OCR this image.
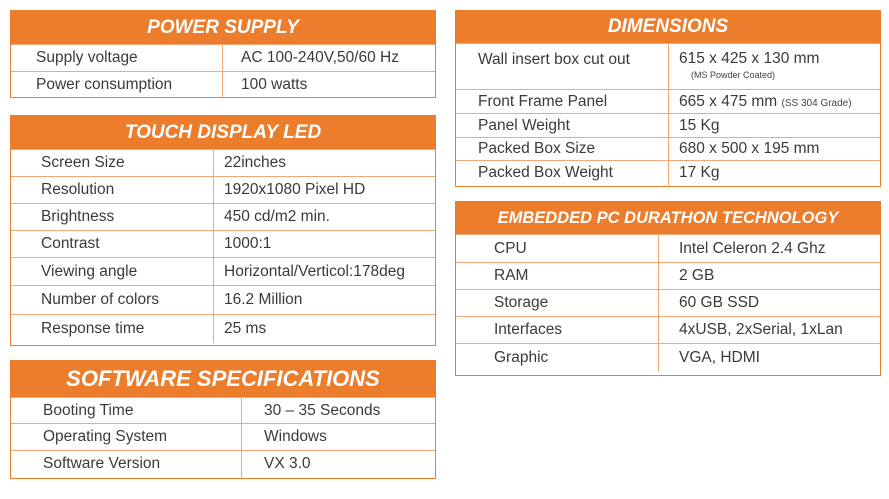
POWER SUPPLY
Supply voltage	AC 100-240V,50/60 Hz
Power consumption	100 watts
TOUCH DISPLAY LED
Screen Size	22inches
Resolution	1920x1080 Pixel HD
Brightness	450 cd/m2 min.
Contrast	1000:1
Viewing angle	Horizontal/Verticol:178deg
Number of colors	16.2 Million
Response time	25 ms
SOFTWARE SPECIFICATIONS
Booting Time	30 – 35 Seconds
Operating System	Windows
Software Version	VX 3.0
DIMENSIONS
Wall insert box cut out	615 x 425 x 130 mm
(MS Powder Coated)

Front Frame Panel	665 x 475 mm (SS 304 Grade)
Panel Weight	15 Kg
Packed Box Size	680 x 500 x 195 mm
Packed Box Weight	17 Kg
EMBEDDED PC DURATHON TECHNOLOGY
CPU	Intel Celeron 2.4 Ghz
RAM	2 GB
Storage	60 GB SSD
Interfaces	4xUSB, 2xSerial, 1xLan
Graphic	VGA, HDMI
